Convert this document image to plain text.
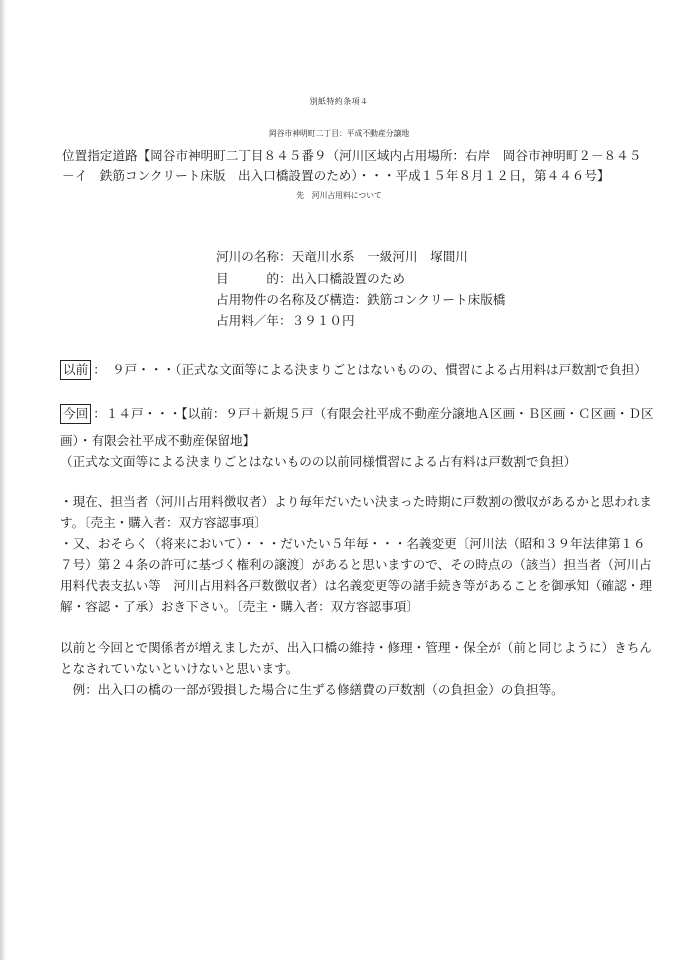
別紙特約条項４
岡谷市神明町二丁目：平成不動産分譲地
位置指定道路【岡谷市神明町二丁目８４５番９（河川区域内占用場所：右岸　岡谷市神明町２－８４５
－イ　鉄筋コンクリート床版　出入口橋設置のため）・・・平成１５年８月１２日，第４４６号】
先　河川占用料について
河川の名称：天竜川水系　一級河川　塚間川
目　　　的：出入口橋設置のため
占用物件の名称及び構造：鉄筋コンクリート床版橋
占用料／年：３９１０円
以前 ：　９戸・・・（正式な文面等による決まりごとはないものの、慣習による占用料は戸数割で負担）
今回 ：１４戸・・・【以前：９戸＋新規５戸（有限会社平成不動産分譲地Ａ区画・Ｂ区画・Ｃ区画・Ｄ区
画）・有限会社平成不動産保留地】
（正式な文面等による決まりごとはないものの以前同様慣習による占有料は戸数割で負担）
・現在、担当者（河川占用料徴収者）より毎年だいたい決まった時期に戸数割の徴収があるかと思われま
す。〔売主・購入者：双方容認事項〕
・又、おそらく（将来において）・・・だいたい５年毎・・・名義変更〔河川法（昭和３９年法律第１６
７号）第２４条の許可に基づく権利の譲渡〕があると思いますので、その時点の（該当）担当者（河川占
用料代表支払い等　河川占用料各戸数徴収者）は名義変更等の諸手続き等があることを御承知（確認・理
解・容認・了承）おき下さい。〔売主・購入者：双方容認事項〕
以前と今回とで関係者が増えましたが、出入口橋の維持・修理・管理・保全が（前と同じように）きちん
となされていないといけないと思います。
　例：出入口の橋の一部が毀損した場合に生ずる修繕費の戸数割（の負担金）の負担等。
